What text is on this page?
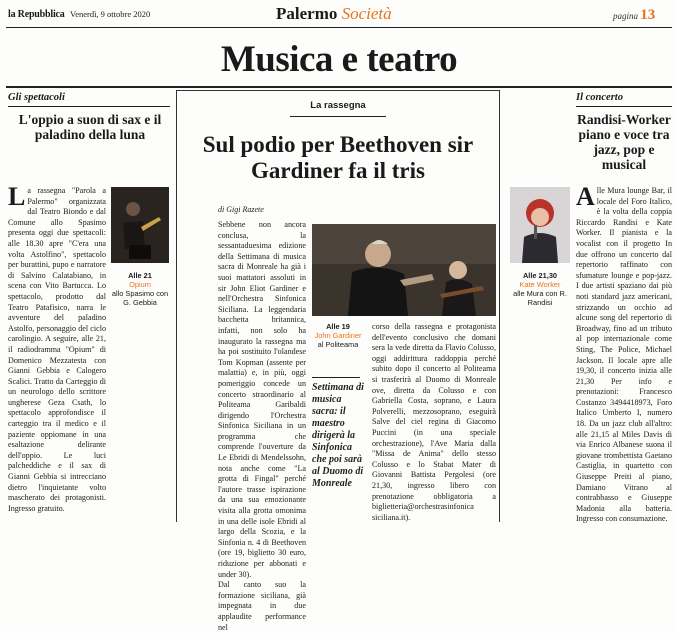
la Repubblica Venerdì, 9 ottobre 2020	Palermo Società	pagina 13
Musica e teatro
Gli spettacoli
L'oppio a suon di sax e il paladino della luna
La rassegna "Parola a Palermo" organizzata dal Teatro Biondo e dal Comune allo Spasimo presenta oggi due spettacoli: alle 18.30 apre "C'era una volta Astolfino", spettacolo per burattini, pupo e narratore di Salvino Calatabiano, in scena con Vito Bartucca. Lo spettacolo, prodotto dal Teatro Patafisico, narra le avventure del paladino Astolfo, personaggio del ciclo carolingio. A seguire, alle 21, il radiodramma "Opium" di Domenico Mezzatesta con Gianni Gebbia e Calogero Scalici. Tratto da Carteggio di un neurologo dello scrittore ungherese Geza Csath, lo spettacolo approfondisce il carteggio tra il medico e il paziente oppiomane in una esaltazione delirante dell'oppio. Le luci palcheddiche e il sax di Gianni Gebbia si intrecciano dietro l'inquietante volto mascherato dei protagonisti. Ingresso gratuito.
Alle 21
Opium
allo Spasimo con G. Gebbia
La rassegna
Sul podio per Beethoven sir Gardiner fa il tris
di Gigi Razete
Sebbene non ancora conclusa, la sessantaduesima edizione della Settimana di musica sacra di Monreale ha già i suoi mattatori assoluti in sir John Eliot Gardiner e nell'Orchestra Sinfonica Siciliana. La leggendaria bacchetta britannica, infatti, non solo ha inaugurato la rassegna ma ha poi sostituito l'olandese Tom Kopman (assente per malattia) e, in più, oggi pomeriggio concede un concerto straordinario al Politeama Garibaldi dirigendo l'Orchestra Sinfonica Siciliana in un programma che comprende l'ouverture da Le Ebridi di Mendelssohn, nota anche come "La grotta di Fingal" perché l'autore trasse ispirazione da una sua emozionante visita alla grotta omonima in una delle isole Ebridi al largo della Scozia, e la Sinfonia n. 4 di Beethoven (ore 19, biglietto 30 euro, riduzione per abbonati e under 30).
Dal canto suo la formazione siciliana, già impegnata in due applaudite performance nel
Alle 19
John Gardiner
al Politeama
Settimana di musica sacra: il maestro dirigerà la Sinfonica che poi sarà al Duomo di Monreale
corso della rassegna e protagonista dell'evento conclusivo che domani sera la vede diretta da Flavio Colusso, oggi addirittura raddoppia perché subito dopo il concerto al Politeama si trasferirà al Duomo di Monreale ove, diretta da Colusso e con Gabriella Costa, soprano, e Laura Polverelli, mezzosoprano, eseguirà Salve del ciel regina di Giacomo Puccini (in una speciale orchestrazione), l'Ave Maria dalla "Missa de Anima" dello stesso Colusso e lo Stabat Mater di Giovanni Battista Pergolesi (ore 21,30, ingresso libero con prenotazione obbligatoria a biglietteria@orchestrasinfonica siciliana.it).
Il concerto
Randisi-Worker piano e voce tra jazz, pop e musical
Alle 21,30
Kate Worker
alle Mura con R. Randisi
Alle Mura lounge Bar, il locale del Foro Italico, è la volta della coppia Riccardo Randisi e Kate Worker. Il pianista e la vocalist con il progetto In due offrono un concerto dal repertorio raffinato con sfumature lounge e pop-jazz. I due artisti spaziano dai più noti standard jazz americani, strizzando un occhio ad alcune song del repertorio di Broadway, fino ad un tributo al pop internazionale come Sting, The Police, Michael Jackson. Il locale apre alle 19,30, il concerto inizia alle 21,30 Per info e prenotazioni: Francesco Costanzo 3494418973, Foro Italico Umberto I, numero 18. Da un jazz club all'altro: alle 21,15 al Miles Davis di via Enrico Albanese suona il giovane trombettista Gaetano Castiglia, in quartetto con Giuseppe Preiti al piano, Damiano Vitrano al contrabbasso e Giuseppe Madonia alla batteria. Ingresso con consumazione.
